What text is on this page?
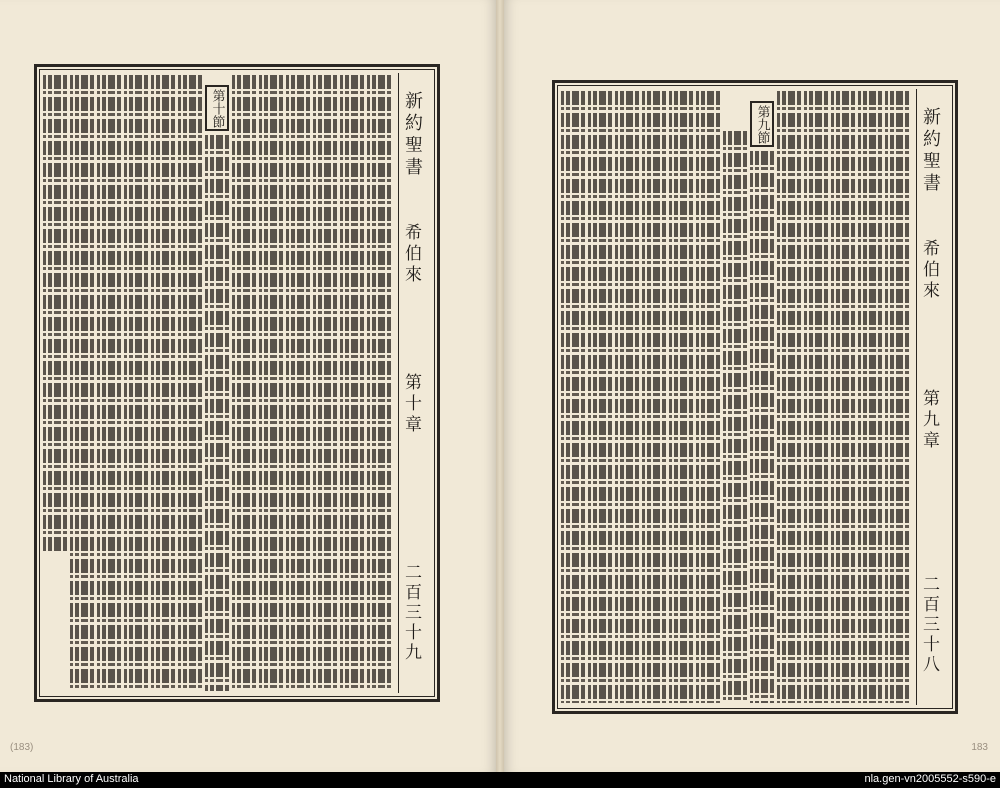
(183)
新約聖書
希伯來
第十章
二百三十九
第十節
183
新約聖書
希伯來
第九章
二百三十八
第九節
National Library of Australia	nla.gen-vn2005552-s590-e
